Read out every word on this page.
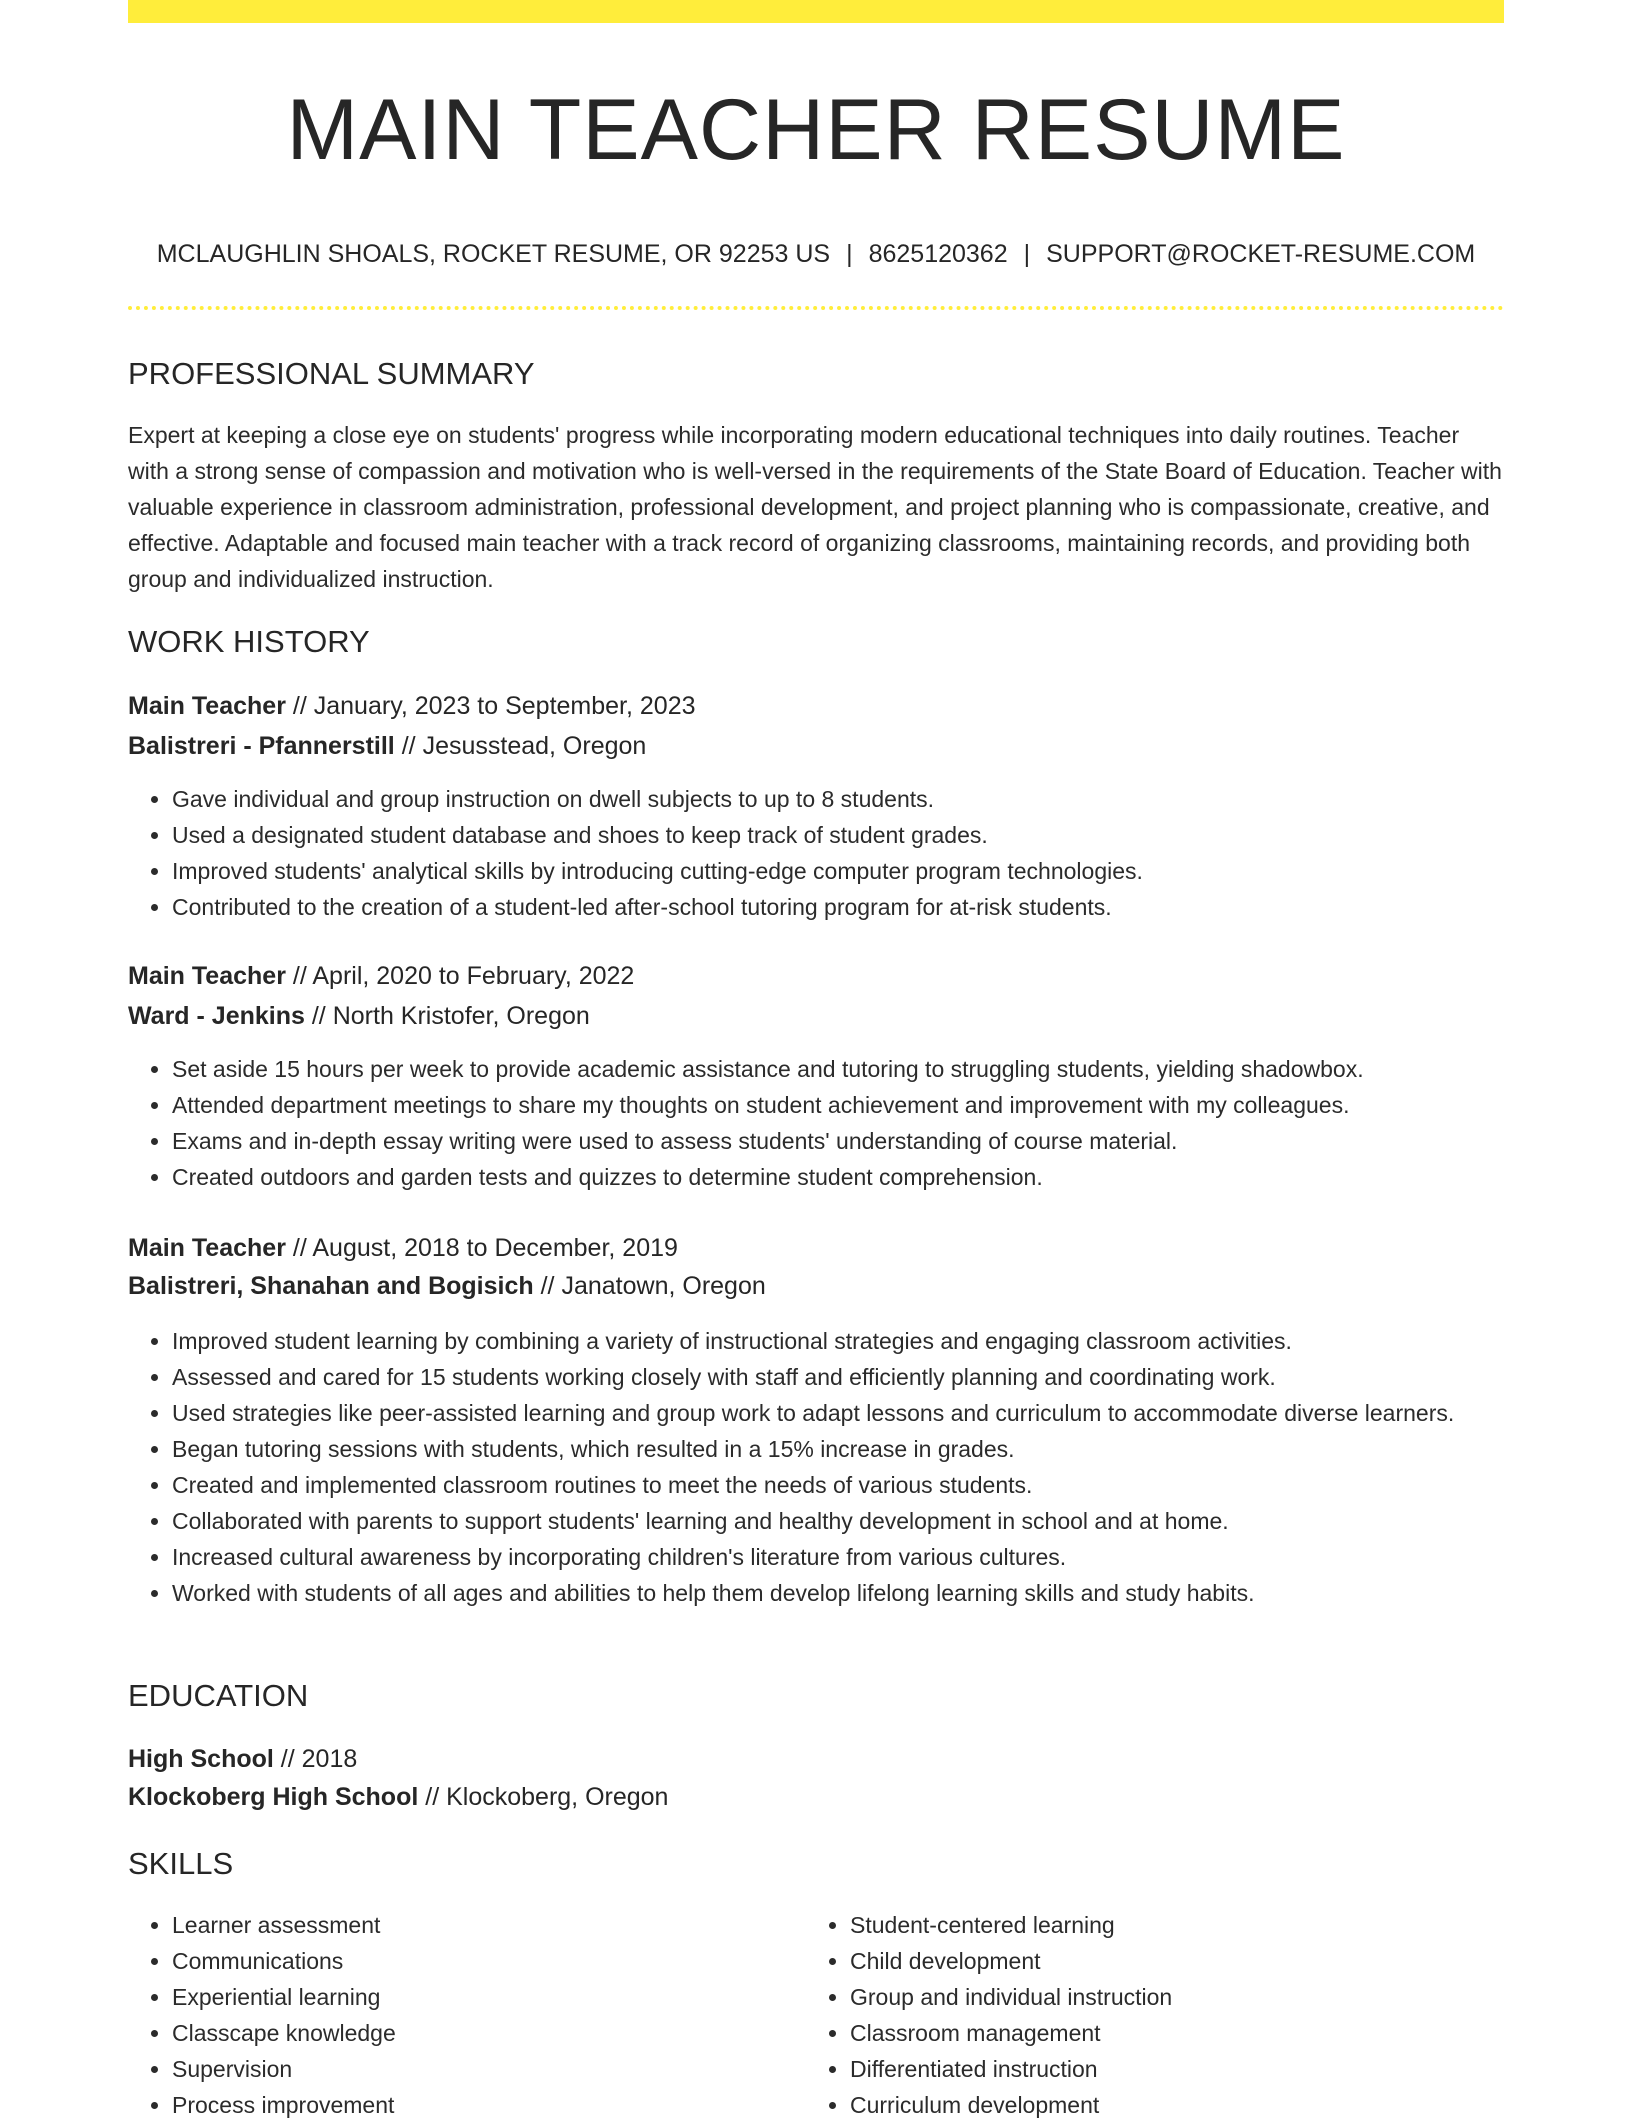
MAIN TEACHER RESUME
MCLAUGHLIN SHOALS, ROCKET RESUME, OR 92253 US | 8625120362 | SUPPORT@ROCKET-RESUME.COM
PROFESSIONAL SUMMARY
Expert at keeping a close eye on students' progress while incorporating modern educational techniques into daily routines. Teacher with a strong sense of compassion and motivation who is well-versed in the requirements of the State Board of Education. Teacher with valuable experience in classroom administration, professional development, and project planning who is compassionate, creative, and effective. Adaptable and focused main teacher with a track record of organizing classrooms, maintaining records, and providing both group and individualized instruction.
WORK HISTORY
Main Teacher // January, 2023 to September, 2023
Balistreri - Pfannerstill // Jesusstead, Oregon
• Gave individual and group instruction on dwell subjects to up to 8 students.
• Used a designated student database and shoes to keep track of student grades.
• Improved students' analytical skills by introducing cutting-edge computer program technologies.
• Contributed to the creation of a student-led after-school tutoring program for at-risk students.
Main Teacher // April, 2020 to February, 2022
Ward - Jenkins // North Kristofer, Oregon
• Set aside 15 hours per week to provide academic assistance and tutoring to struggling students, yielding shadowbox.
• Attended department meetings to share my thoughts on student achievement and improvement with my colleagues.
• Exams and in-depth essay writing were used to assess students' understanding of course material.
• Created outdoors and garden tests and quizzes to determine student comprehension.
Main Teacher // August, 2018 to December, 2019
Balistreri, Shanahan and Bogisich // Janatown, Oregon
• Improved student learning by combining a variety of instructional strategies and engaging classroom activities.
• Assessed and cared for 15 students working closely with staff and efficiently planning and coordinating work.
• Used strategies like peer-assisted learning and group work to adapt lessons and curriculum to accommodate diverse learners.
• Began tutoring sessions with students, which resulted in a 15% increase in grades.
• Created and implemented classroom routines to meet the needs of various students.
• Collaborated with parents to support students' learning and healthy development in school and at home.
• Increased cultural awareness by incorporating children's literature from various cultures.
• Worked with students of all ages and abilities to help them develop lifelong learning skills and study habits.
EDUCATION
High School // 2018
Klockoberg High School // Klockoberg, Oregon
SKILLS
• Learner assessment
• Communications
• Experiential learning
• Classcape knowledge
• Supervision
• Process improvement
• Student-centered learning
• Child development
• Group and individual instruction
• Classroom management
• Differentiated instruction
• Curriculum development
